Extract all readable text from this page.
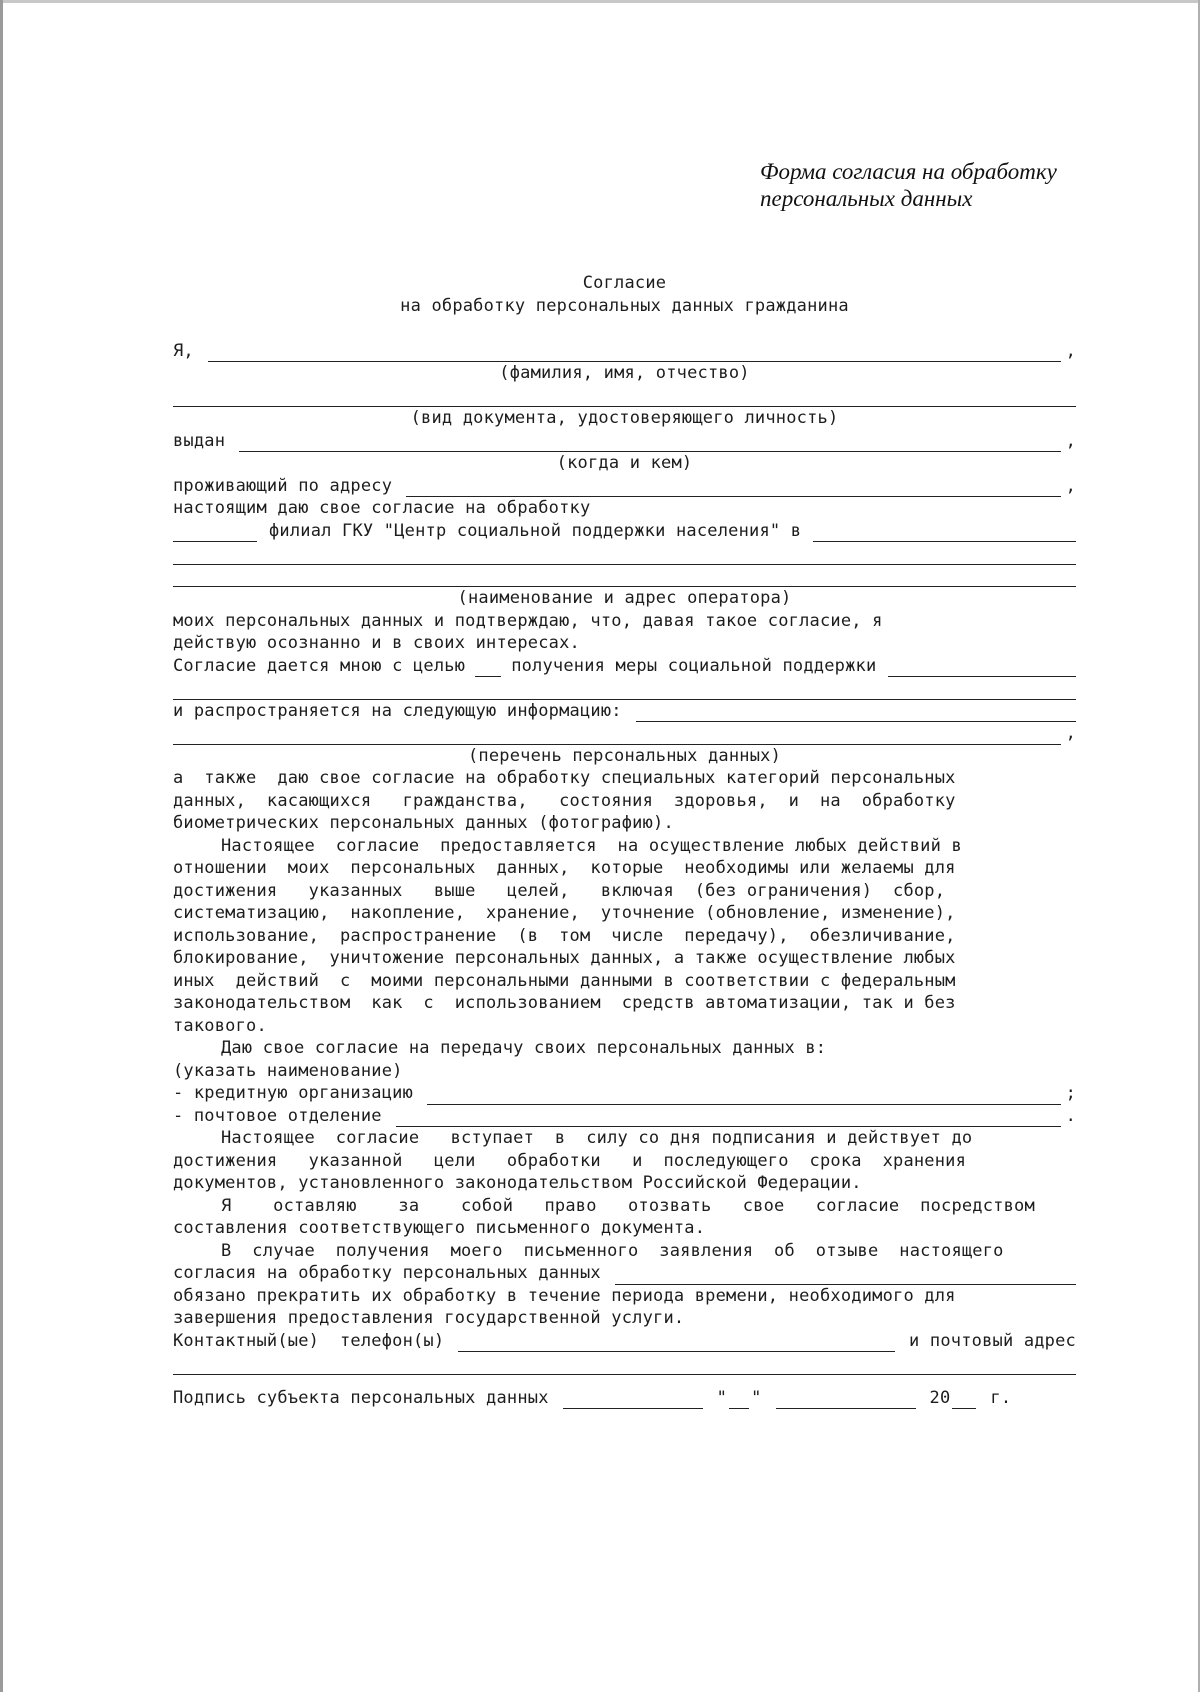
Форма согласия на обработку
персональных данных
Согласие
на обработку персональных данных гражданина
Я,	,
(фамилия, имя, отчество)
(вид документа, удостоверяющего личность)
выдан	,
(когда и кем)
проживающий по адресу	,
настоящим даю свое согласие на обработку
филиал ГКУ "Центр социальной поддержки населения" в
(наименование и адрес оператора)
моих персональных данных и подтверждаю, что, давая такое согласие, я
действую осознанно и в своих интересах.
Согласие дается мною с целью	получения меры социальной поддержки
и распространяется на следующую информацию:
,
(перечень персональных данных)
а  также  даю свое согласие на обработку специальных категорий персональных
данных,  касающихся   гражданства,   состояния  здоровья,  и  на  обработку
биометрических персональных данных (фотографию).
Настоящее  согласие  предоставляется  на осуществление любых действий в
отношении  моих  персональных  данных,  которые  необходимы или желаемы для
достижения   указанных   выше   целей,   включая  (без ограничения)  сбор,
систематизацию,  накопление,  хранение,  уточнение (обновление, изменение),
использование,  распространение  (в  том  числе  передачу),  обезличивание,
блокирование,  уничтожение персональных данных, а также осуществление любых
иных  действий  с  моими персональными данными в соответствии с федеральным
законодательством  как  с  использованием  средств автоматизации, так и без
такового.
Даю свое согласие на передачу своих персональных данных в:
(указать наименование)
- кредитную организацию	;
- почтовое отделение	.
Настоящее  согласие   вступает  в  силу со дня подписания и действует до
достижения   указанной   цели   обработки   и  последующего  срока  хранения
документов, установленного законодательством Российской Федерации.
Я    оставляю    за    собой   право   отозвать   свое   согласие  посредством
составления соответствующего письменного документа.
В  случае  получения  моего  письменного  заявления  об  отзыве  настоящего
согласия на обработку персональных данных
обязано прекратить их обработку в течение периода времени, необходимого для
завершения предоставления государственной услуги.
Контактный(ые)  телефон(ы)	и почтовый адрес
Подпись субъекта персональных данных	" "	20 г.
